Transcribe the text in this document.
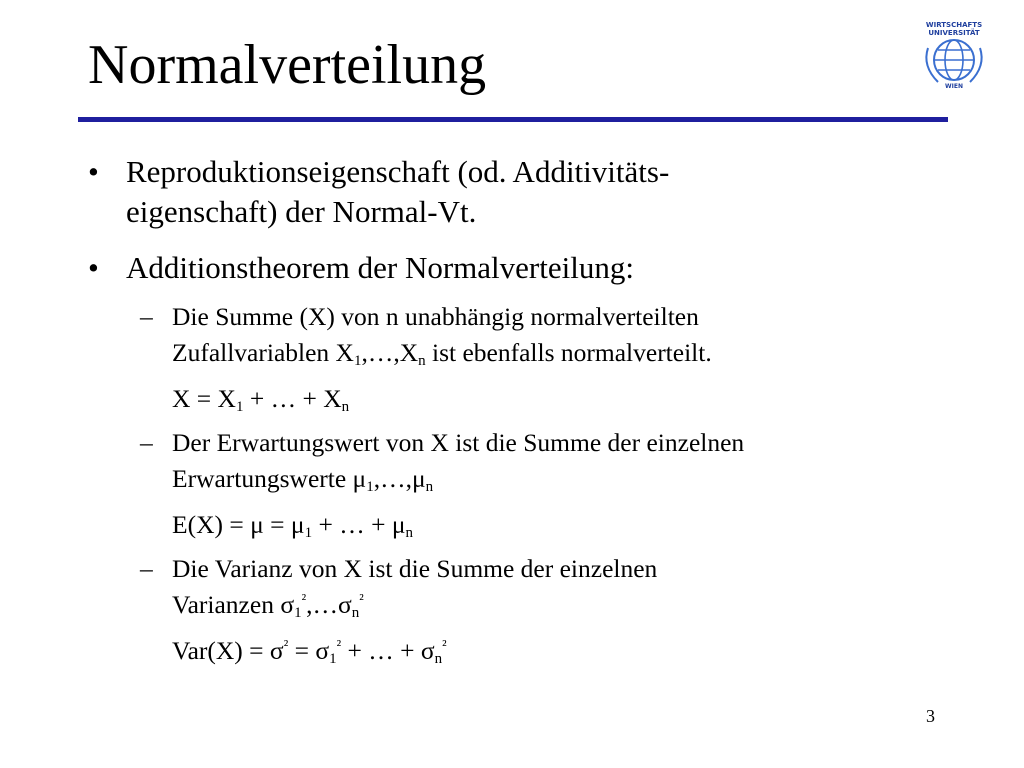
Normalverteilung
WIRTSCHAFTS
UNIVERSITÄT
WIEN
• Reproduktionseigenschaft (od. Additivitäts-
eigenschaft) der Normal-Vt.
• Additionstheorem der Normalverteilung:
– Die Summe (X) von n unabhängig normalverteilten
Zufallvariablen $X_1,\dots,X_n$ ist ebenfalls normalverteilt.
$X = X_1$ + … + $X_n$
– Der Erwartungswert von X ist die Summe der einzelnen
Erwartungswerte $\mu_1,\dots,\mu_n$
$E(X) = \mu = \mu_1$ + … + $\mu_n$
– Die Varianz von X ist die Summe der einzelnen
Varianzen $\sigma_1^{^2},\dots\sigma_n^{^2}$
$Var(X) = \sigma^{^2} = \sigma_1^{^2}$ + … + $\sigma_n^{^2}$
3
